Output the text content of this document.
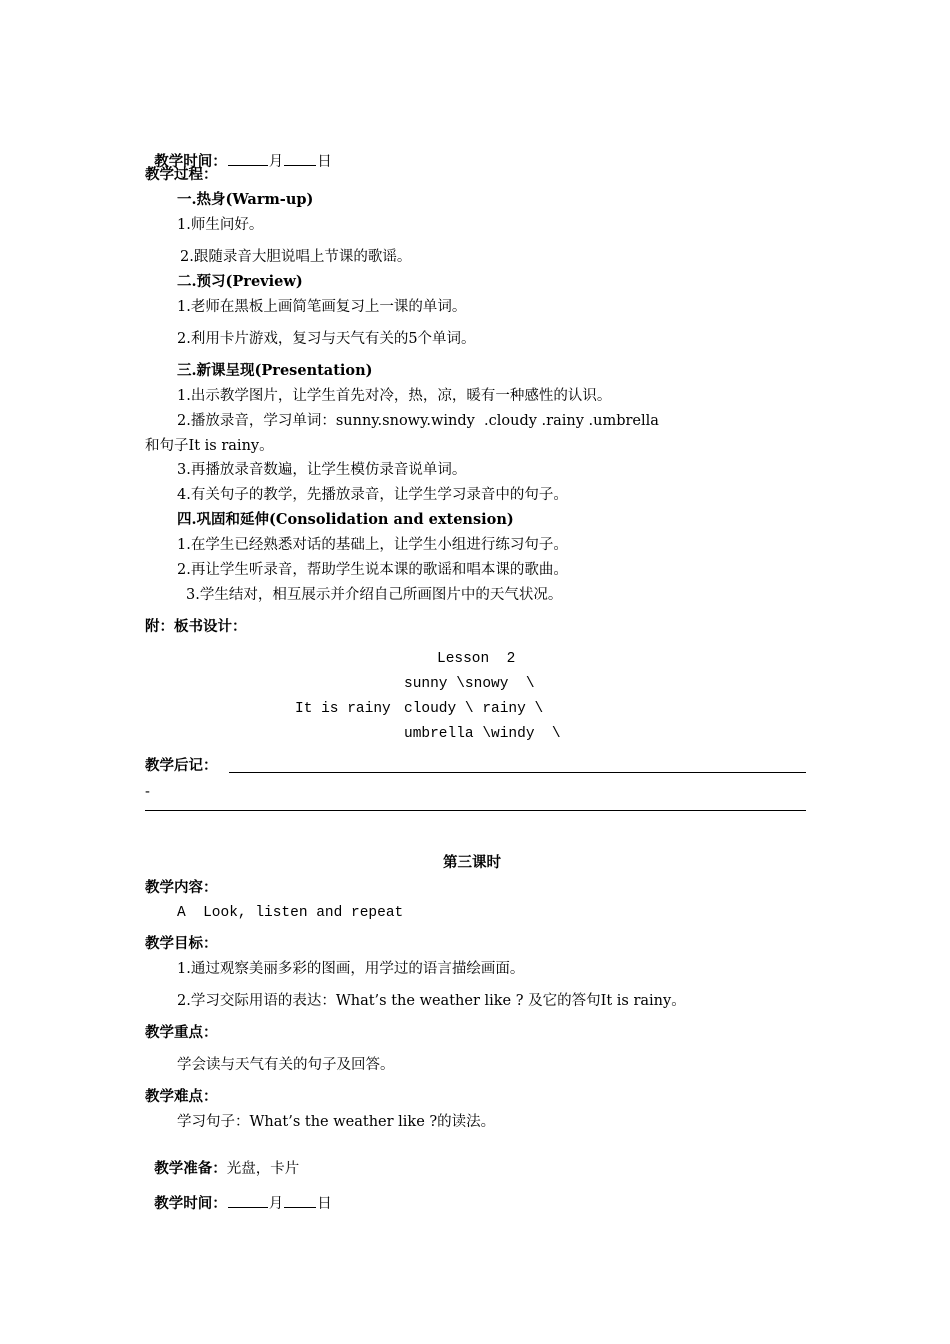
教学时间：	月 日

教学过程：
一.热身(Warm-up)
1.师生问好。
2.跟随录音大胆说唱上节课的歌谣。
二.预习(Preview)
1.老师在黑板上画简笔画复习上一课的单词。
2.利用卡片游戏，复习与天气有关的5个单词。
三.新课呈现(Presentation)
1.出示教学图片，让学生首先对冷，热，凉，暖有一种感性的认识。
2.播放录音，学习单词：sunny.snowy.windy  .cloudy .rainy .umbrella
和句子It is rainy。
3.再播放录音数遍，让学生模仿录音说单词。
4.有关句子的教学，先播放录音，让学生学习录音中的句子。
四.巩固和延伸(Consolidation and extension)
1.在学生已经熟悉对话的基础上，让学生小组进行练习句子。
2.再让学生听录音，帮助学生说本课的歌谣和唱本课的歌曲。
3.学生结对，相互展示并介绍自己所画图片中的天气状况。
附：板书设计：
Lesson  2
sunny \snowy  \
It is rainy cloudy \ rainy \
umbrella \windy  \
教学后记：
-
第三课时
教学内容：
A  Look, listen and repeat
教学目标：
1.通过观察美丽多彩的图画，用学过的语言描绘画面。
2.学习交际用语的表达：What’s the weather like ? 及它的答句It is rainy。
教学重点：
学会读与天气有关的句子及回答。
教学难点：
学习句子：What’s the weather like ?的读法。

教学准备：光盘，卡片

教学时间：	月 日
